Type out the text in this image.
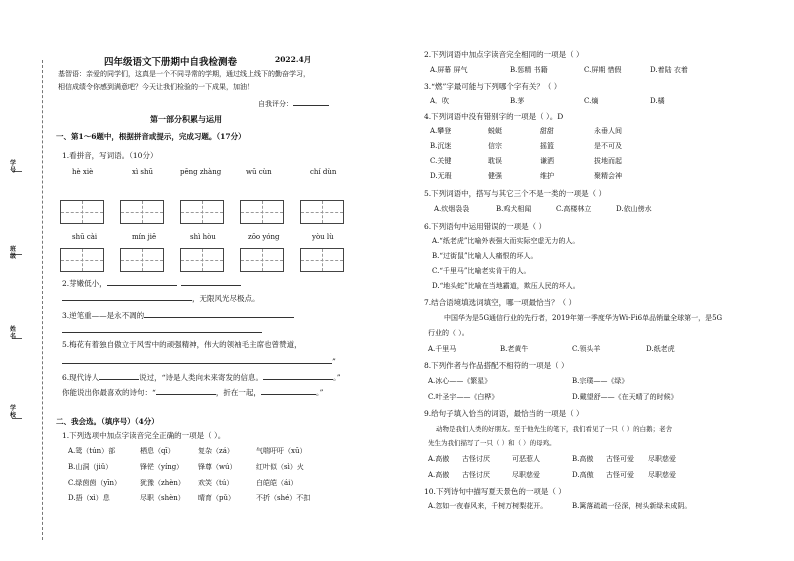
学号
班级
姓名
学校
四年级语文下册期中自我检测卷	2022.4月
基智语：亲爱的同学们，这真是一个不同寻常的学期，通过线上线下的勤奋学习，
相信成绩令你感到满意吧？今天让我们检验的一下成果，加油！
自我评分：
第一部分积累与运用
一、第1～6题中，根据拼音或提示，完成习题。（17分）
1.看拼音，写词语。（10分）
hè xiè	xì shū	pēng zhàng	wū cùn	chí dùn
shū cài	mín jiē	shì hòu	zōo yóng	yòu lù
2.芽嫩低小，
，无限风光尽极点。
3.逆笔重——是永不凋的
5.梅花有着独自傲立于风雪中的顽强精神，伟大的领袖毛主席也曾赞道，
”
6.现代诗人	说过，“诗是人类向未来寄发的信息。	。”
你能说出你最喜欢的诗句：“	，折在一起，	。”
二、我会选。（填序号）（4分）
1.下列选项中加点字读音完全正确的一项是（ ）。
A.鸳（tún）部	栖息（qī）	复杂（zá）	气喘吁吁（xū）
B.山洞（jiǔ）	锋铓（yíng） 锋尊（wú）	红叶似（sì）火
C.绿茵茵（yīn）	犹豫（zhèn） 欢笑（tú）	白皑皑（ái）
D.捂（xì）息	尽职（shèn） 晴育（pǔ）	不折（shé）不扣
2.下列词语中加点字读音完全相同的一项是（ ）
A.屏幕 屏气	B.惩精 书籍	C.屏期 惜假	D.着陆 衣着
3.“燃”字最可能与下列哪个字有关？（ ）
A．吹	B.茅	C.熵	D.橘
4.下列词语中没有错别字的一项是（ ）。D
A.攀登	蜕蜓	甜甜	永垂人间
B.沉迷	信宗	摇篮	是不可及
C.关键	耽误	谦洒	拔地而起
D.无瑕	健强	维护	聚精会神
5.下列词语中，搭写与其它三个不是一类的一项是（ ）
A.炊烟袅袅	B.鸡犬相闻	C.高楼林立	D.依山傍水
6.下列语句中运用错误的一项是（ ）
A.“纸老虎”比喻外表强大而实际空虚无力的人。
B.“过街鼠”比喻人人痛恨的坏人。
C.“千里马”比喻老实肯干的人。
D.“地头蛇”比喻在当地霸道，欺压人民的坏人。
7.结合语境填选词填空，哪一项最恰当？（ ）
中国华为是5G通信行业的先行者，2019年第一季度华为Wi-Fi6单品销量全球第一，是5G
行业的（ ）。
A.千里马	B.老黄牛	C.领头羊	D.纸老虎
8.下列作者与作品搭配不相符的一项是（ ）
A.冰心——《繁星》	B.宗璞——《绿》
C.叶圣宇——《白桦》	D.戴望舒——《在天晴了的时候》
9.给句子填入恰当的词语，最恰当的一项是（ ）
动物是我们人类的好朋友。至于他先生的笔下，我们看见了一只（ ）的白鹅；老舍
先生为我们描写了一只（ ）和（ ）的母鸡。
A.高傲 古怪讨厌	可恶惹人	B.高傲 古怪可爱 尽职慈爱
A.高傲 古怪讨厌	尽职慈爱	D.高傲 古怪可爱 尽职慈爱
10.下列诗句中描写夏天景色的一项是（ ）
A.忽如一夜春风来，千树万树梨花开。	B.篱落疏疏一径深，树头新绿未成阴。
